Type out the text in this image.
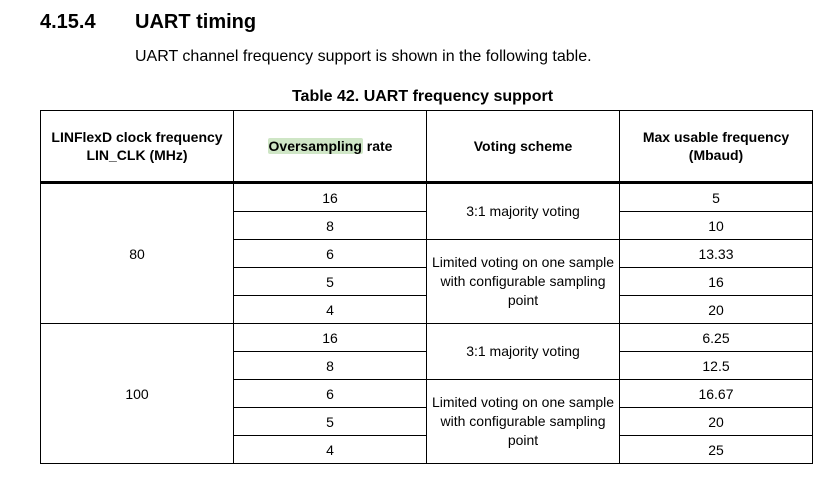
4.15.4 UART timing
UART channel frequency support is shown in the following table.
Table 42. UART frequency support
LINFlexD clock frequency LIN_CLK (MHz)	Oversampling rate	Voting scheme	Max usable frequency (Mbaud)
80	16	3:1 majority voting	5
	8		10
	6	Limited voting on one sample with configurable sampling point	13.33
	5		16
	4		20
100	16	3:1 majority voting	6.25
	8		12.5
	6	Limited voting on one sample with configurable sampling point	16.67
	5		20
	4		25
